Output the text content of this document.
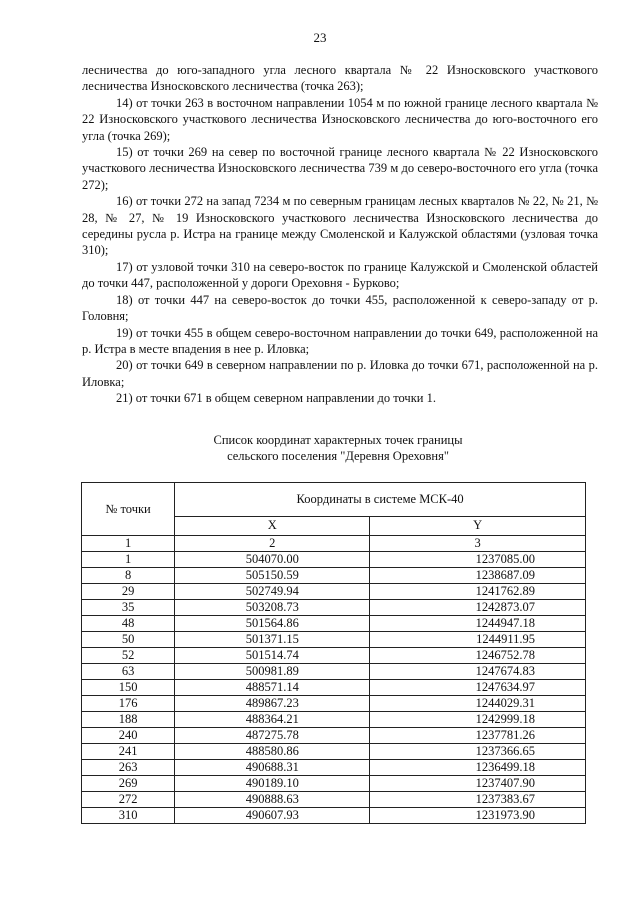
23

лесничества до юго-западного угла лесного квартала № 22 Износковского участкового лесничества Износковского лесничества (точка 263);

14) от точки 263 в восточном направлении 1054 м по южной границе лесного квартала № 22 Износковского участкового лесничества Износковского лесничества до юго-восточного его угла (точка 269);

15) от точки 269 на север по восточной границе лесного квартала № 22 Износковского участкового лесничества Износковского лесничества 739 м до северо-восточного его угла (точка 272);

16) от точки 272 на запад 7234 м по северным границам лесных кварталов № 22, № 21, № 28, № 27, № 19 Износковского участкового лесничества Износковского лесничества до середины русла р. Истра на границе между Смоленской и Калужской областями (узловая точка 310);

17) от узловой точки 310 на северо-восток по границе Калужской и Смоленской областей до точки 447, расположенной у дороги Ореховня - Бурково;

18) от точки 447 на северо-восток до точки 455, расположенной к северо-западу от р. Головня;

19) от точки 455 в общем северо-восточном направлении до точки 649, расположенной на р. Истра в месте впадения в нее р. Иловка;

20) от точки 649 в северном направлении по р. Иловка до точки 671, расположенной на р. Иловка;

21) от точки 671 в общем северном направлении до точки 1.

Список координат характерных точек границы
сельского поселения "Деревня Ореховня"
№ точки	Координаты в системе МСК-40	
	X	Y
1	2	3
1	504070.00	1237085.00
8	505150.59	1238687.09
29	502749.94	1241762.89
35	503208.73	1242873.07
48	501564.86	1244947.18
50	501371.15	1244911.95
52	501514.74	1246752.78
63	500981.89	1247674.83
150	488571.14	1247634.97
176	489867.23	1244029.31
188	488364.21	1242999.18
240	487275.78	1237781.26
241	488580.86	1237366.65
263	490688.31	1236499.18
269	490189.10	1237407.90
272	490888.63	1237383.67
310	490607.93	1231973.90
